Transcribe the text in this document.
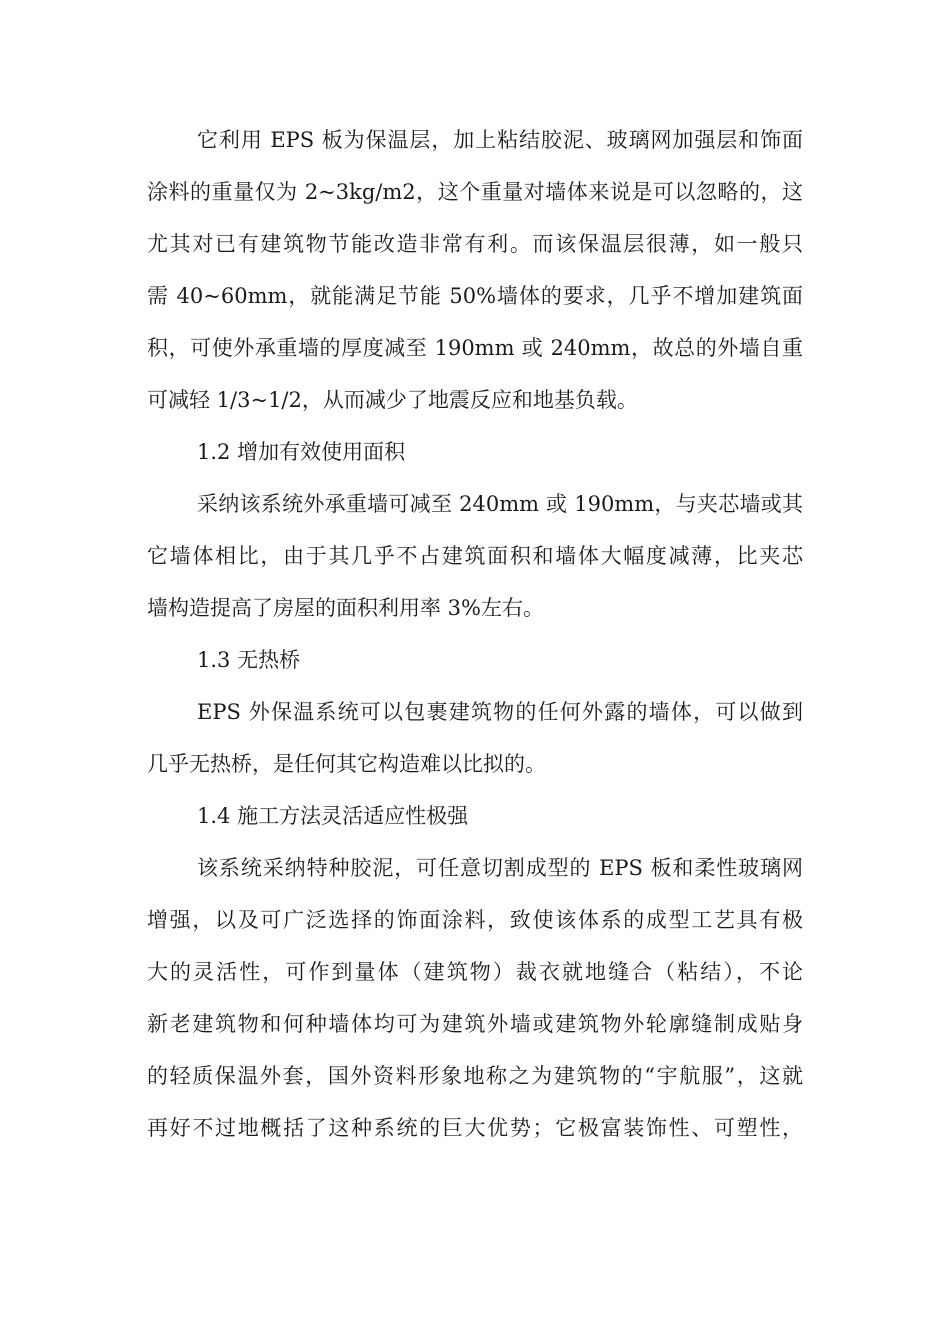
它利用 EPS 板为保温层，加上粘结胶泥、玻璃网加强层和饰面
涂料的重量仅为 2~3kg/m2，这个重量对墙体来说是可以忽略的，这
尤其对已有建筑物节能改造非常有利。而该保温层很薄，如一般只
需 40~60mm，就能满足节能 50%墙体的要求，几乎不增加建筑面
积，可使外承重墙的厚度减至 190mm 或 240mm，故总的外墙自重
可减轻 1/3~1/2，从而减少了地震反应和地基负载。
1.2 增加有效使用面积
采纳该系统外承重墙可减至 240mm 或 190mm，与夹芯墙或其
它墙体相比，由于其几乎不占建筑面积和墙体大幅度减薄，比夹芯
墙构造提高了房屋的面积利用率 3%左右。
1.3 无热桥
EPS 外保温系统可以包裹建筑物的任何外露的墙体，可以做到
几乎无热桥，是任何其它构造难以比拟的。
1.4 施工方法灵活适应性极强
该系统采纳特种胶泥，可任意切割成型的 EPS 板和柔性玻璃网
增强，以及可广泛选择的饰面涂料，致使该体系的成型工艺具有极
大的灵活性，可作到量体（建筑物）裁衣就地缝合（粘结），不论
新老建筑物和何种墙体均可为建筑外墙或建筑物外轮廓缝制成贴身
的轻质保温外套，国外资料形象地称之为建筑物的“宇航服”，这就
再好不过地概括了这种系统的巨大优势；它极富装饰性、可塑性，
